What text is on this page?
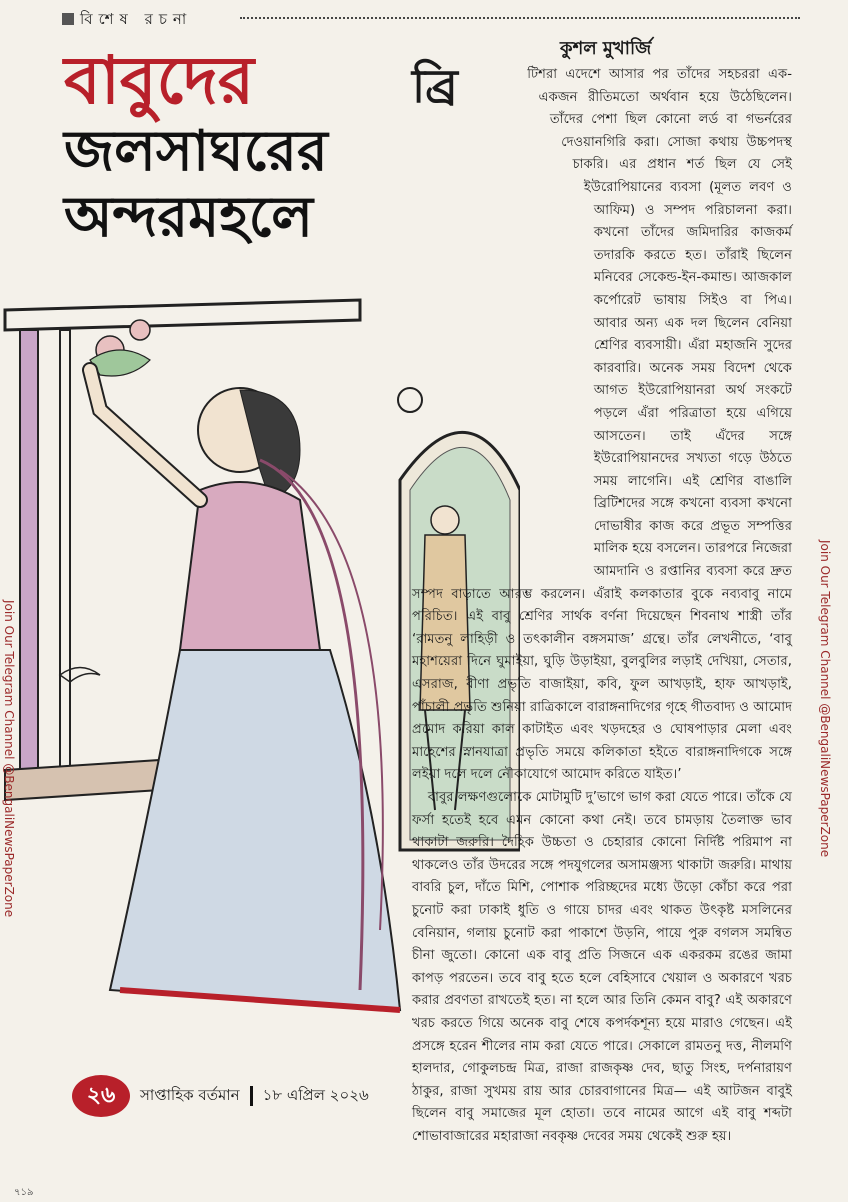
বিশেষ রচনা
বাবুদের
জলসাঘরের
অন্দরমহলে
কুশল মুখার্জি

ব্রি	টিশরা এদেশে আসার পর তাঁদের সহচররা এক-একজন রীতিমতো অর্থবান হয়ে উঠেছিলেন। তাঁদের পেশা ছিল কোনো লর্ড বা গভর্নরের দেওয়ানগিরি করা। সোজা কথায় উচ্চপদস্থ চাকরি। এর প্রধান শর্ত ছিল যে সেই ইউরোপিয়ানের ব্যবসা (মূলত লবণ ও আফিম) ও সম্পদ পরিচালনা করা। কখনো তাঁদের জমিদারির কাজকর্ম তদারকি করতে হত। তাঁরাই ছিলেন মনিবের সেকেন্ড-ইন-কমান্ড। আজকাল কর্পোরেট ভাষায় সিইও বা পিএ। আবার অন্য এক দল ছিলেন বেনিয়া শ্রেণির ব্যবসায়ী। এঁরা মহাজনি সুদের কারবারি। অনেক সময় বিদেশ থেকে আগত ইউরোপিয়ানরা অর্থ সংকটে পড়লে এঁরা পরিত্রাতা হয়ে এগিয়ে আসতেন। তাই এঁদের সঙ্গে ইউরোপিয়ানদের সখ্যতা গড়ে উঠতে সময় লাগেনি। এই শ্রেণির বাঙালি ব্রিটিশদের সঙ্গে কখনো ব্যবসা কখনো দোভাষীর কাজ করে প্রভূত সম্পত্তির মালিক হয়ে বসলেন। তারপরে নিজেরা আমদানি ও রপ্তানির ব্যবসা করে দ্রুত সম্পদ বাড়াতে আরম্ভ করলেন। এঁরাই কলকাতার বুকে নব্যবাবু নামে পরিচিত। এই বাবু শ্রেণির সার্থক বর্ণনা দিয়েছেন শিবনাথ শাস্ত্রী তাঁর ‘রামতনু লাহিড়ী ও তৎকালীন বঙ্গসমাজ’ গ্রন্থে। তাঁর লেখনীতে, ‘বাবু মহাশয়েরা দিনে ঘুমাইয়া, ঘুড়ি উড়াইয়া, বুলবুলির লড়াই দেখিয়া, সেতার, এসরাজ, বীণা প্রভৃতি বাজাইয়া, কবি, ফুল আখড়াই, হাফ আখড়াই, পাঁচালী প্রভৃতি শুনিয়া রাত্রিকালে বারাঙ্গনাদিগের গৃহে গীতবাদ্য ও আমোদ প্রমোদ করিয়া কাল কাটাইত এবং খড়দহের ও ঘোষপাড়ার মেলা এবং মাহেশের স্নানযাত্রা প্রভৃতি সময়ে কলিকাতা হইতে বারাঙ্গনাদিগকে সঙ্গে লইয়া দলে দলে নৌকাযোগে আমোদ করিতে যাইত।’

বাবুর লক্ষণগুলোকে মোটামুটি দু’ভাগে ভাগ করা যেতে পারে। তাঁকে যে ফর্সা হতেই হবে এমন কোনো কথা নেই। তবে চামড়ায় তৈলাক্ত ভাব থাকাটা জরুরি। দৈহিক উচ্চতা ও চেহারার কোনো নির্দিষ্ট পরিমাপ না থাকলেও তাঁর উদরের সঙ্গে পদযুগলের অসামঞ্জস্য থাকাটা জরুরি। মাথায় বাবরি চুল, দাঁতে মিশি, পোশাক পরিচ্ছদের মধ্যে উড়ো কোঁচা করে পরা চুনোট করা ঢাকাই ধুতি ও গায়ে চাদর এবং থাকত উৎকৃষ্ট মসলিনের বেনিয়ান, গলায় চুনোট করা পাকাশে উড়নি, পায়ে পুরু বগলস সমন্বিত চীনা জুতো। কোনো এক বাবু প্রতি সিজনে এক একরকম রঙের জামা কাপড় পরতেন। তবে বাবু হতে হলে বেহিসাবে খেয়াল ও অকারণে খরচ করার প্রবণতা রাখতেই হত। না হলে আর তিনি কেমন বাবু? এই অকারণে খরচ করতে গিয়ে অনেক বাবু শেষে কপর্দকশূন্য হয়ে মারাও গেছেন। এই প্রসঙ্গে হরেন শীলের নাম করা যেতে পারে। সেকালে রামতনু দত্ত, নীলমণি হালদার, গোকুলচন্দ্র মিত্র, রাজা রাজকৃষ্ণ দেব, ছাতু সিংহ, দর্পনারায়ণ ঠাকুর, রাজা সুখময় রায় আর চোরবাগানের মিত্র— এই আটজন বাবুই ছিলেন বাবু সমাজের মূল হোতা। তবে নামের আগে এই বাবু শব্দটা শোভাবাজারের মহারাজা নবকৃষ্ণ দেবের সময় থেকেই শুরু হয়।

Join Our Telegram Channel @BengaliNewsPaperZone
Join Our Telegram Channel @BengaliNewsPaperZone
২৬	সাপ্তাহিক বর্তমান ১৮ এপ্রিল ২০২৬
৭১৯
